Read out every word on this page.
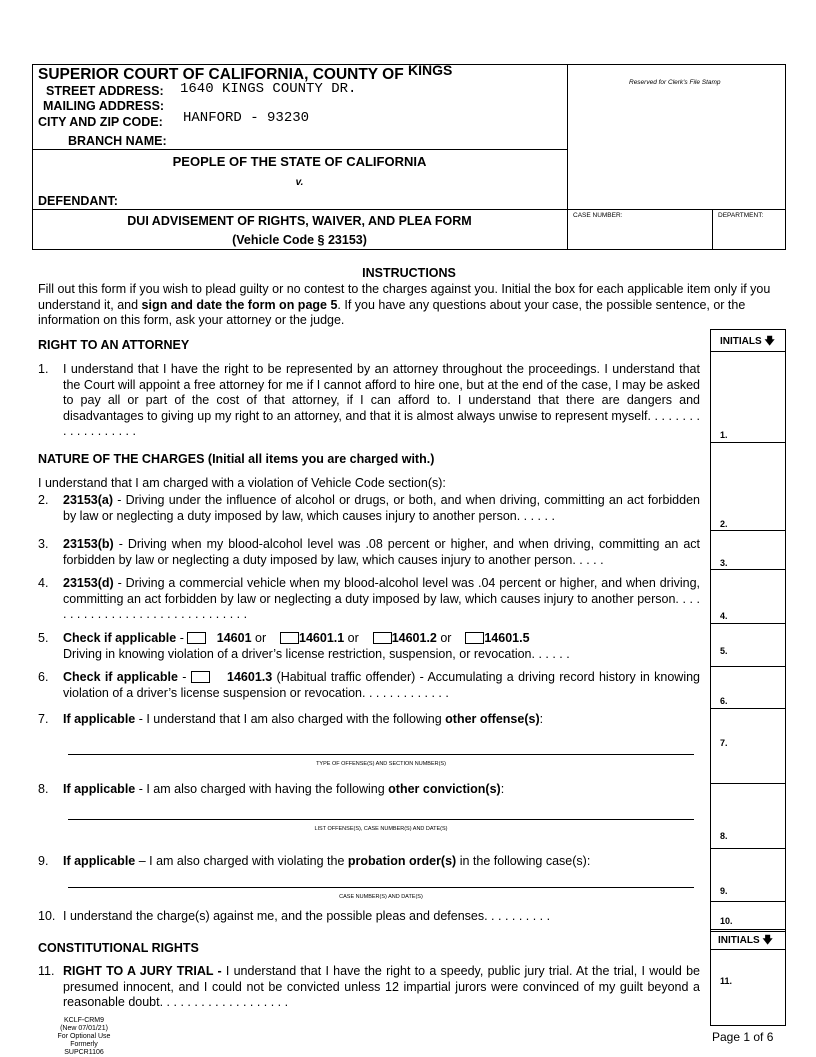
SUPERIOR COURT OF CALIFORNIA, COUNTY OF KINGS
STREET ADDRESS: 1640 KINGS COUNTY DR.
MAILING ADDRESS:
CITY AND ZIP CODE: HANFORD - 93230
BRANCH NAME:
Reserved for Clerk's File Stamp
PEOPLE OF THE STATE OF CALIFORNIA
v.
DEFENDANT:
DUI ADVISEMENT OF RIGHTS, WAIVER, AND PLEA FORM
(Vehicle Code § 23153)
CASE NUMBER:	DEPARTMENT:
INSTRUCTIONS
Fill out this form if you wish to plead guilty or no contest to the charges against you. Initial the box for each applicable item only if you understand it, and sign and date the form on page 5. If you have any questions about your case, the possible sentence, or the information on this form, ask your attorney or the judge.
INITIALS 🡇
INITIALS 🡇
1.
2.
3.
4.
5.
6.
7.
8.
9.
10.
11.
RIGHT TO AN ATTORNEY
1. I understand that I have the right to be represented by an attorney throughout the proceedings. I understand that the Court will appoint a free attorney for me if I cannot afford to hire one, but at the end of the case, I may be asked to pay all or part of the cost of that attorney, if I can afford to. I understand that there are dangers and disadvantages to giving up my right to an attorney, and that it is almost always unwise to represent myself. . . . . . . . . . . . . . . . . . .
NATURE OF THE CHARGES (Initial all items you are charged with.)
I understand that I am charged with a violation of Vehicle Code section(s):
2. 23153(a) - Driving under the influence of alcohol or drugs, or both, and when driving, committing an act forbidden by law or neglecting a duty imposed by law, which causes injury to another person. . . . . .
3. 23153(b) - Driving when my blood-alcohol level was .08 percent or higher, and when driving, committing an act forbidden by law or neglecting a duty imposed by law, which causes injury to another person. . . . .
4. 23153(d) - Driving a commercial vehicle when my blood-alcohol level was .04 percent or higher, and when driving, committing an act forbidden by law or neglecting a duty imposed by law, which causes injury to another person. . . . . . . . . . . . . . . . . . . . . . . . . . . . . . .
5. Check if applicable -    14601 or    14601.1 or    14601.2 or    14601.5
Driving in knowing violation of a driver’s license restriction, suspension, or revocation. . . . . .
6. Check if applicable -	14601.3 (Habitual traffic offender) - Accumulating a driving record history in knowing violation of a driver’s license suspension or revocation. . . . . . . . . . . . .
7. If applicable - I understand that I am also charged with the following other offense(s):
TYPE OF OFFENSE(S) AND SECTION NUMBER(S)
8. If applicable - I am also charged with having the following other conviction(s):
LIST OFFENSE(S), CASE NUMBER(S) AND DATE(S)
9. If applicable – I am also charged with violating the probation order(s) in the following case(s):
CASE NUMBER(S) AND DATE(S)
10. I understand the charge(s) against me, and the possible pleas and defenses. . . . . . . . . .
CONSTITUTIONAL RIGHTS
11. RIGHT TO A JURY TRIAL - I understand that I have the right to a speedy, public jury trial. At the trial, I would be presumed innocent, and I could not be convicted unless 12 impartial jurors were convinced of my guilt beyond a reasonable doubt. . . . . . . . . . . . . . . . . . .
KCLF-CRM9
(New 07/01/21)
For Optional Use
Formerly SUPCR1106
Page 1 of 6
